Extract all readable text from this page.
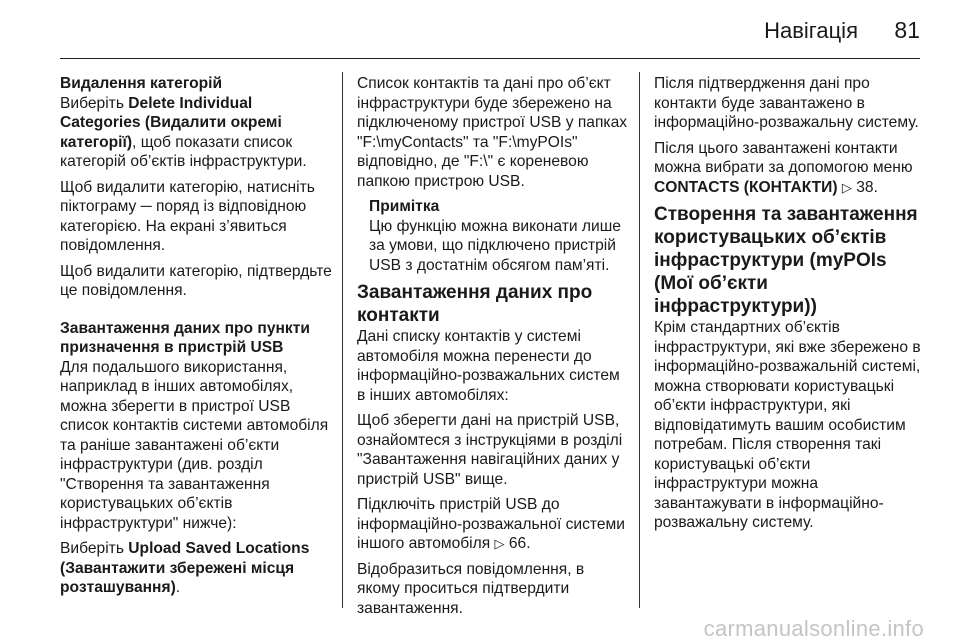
Навігація 81
Видалення категорій

Виберіть Delete Individual Categories (Видалити окремі категорії), щоб показати список категорій об’єктів інфраструктури.

Щоб видалити категорію, натисніть піктограму ─ поряд із відповідною категорією. На екрані з’явиться повідомлення.

Щоб видалити категорію, підтвердьте це повідомлення.

Завантаження даних про пункти призначення в пристрій USB

Для подальшого використання, наприклад в інших автомобілях, можна зберегти в пристрої USB список контактів системи автомобіля та раніше завантажені об’єкти інфраструктури (див. розділ "Створення та завантаження користувацьких об’єктів інфраструктури" нижче):

Виберіть Upload Saved Locations (Завантажити збережені місця розташування).

Список контактів та дані про об’єкт інфраструктури буде збережено на підключеному пристрої USB у папках "F:\myContacts" та "F:\myPOIs" відповідно, де "F:\" є кореневою папкою пристрою USB.

Примітка

Цю функцію можна виконати лише за умови, що підключено пристрій USB з достатнім обсягом пам’яті.

Завантаження даних про контакти

Дані списку контактів у системі автомобіля можна перенести до інформаційно-розважальних систем в інших автомобілях:

Щоб зберегти дані на пристрій USB, ознайомтеся з інструкціями в розділі "Завантаження навігаційних даних у пристрій USB" вище.

Підключіть пристрій USB до інформаційно-розважальної системи іншого автомобіля ▷ 66.

Відобразиться повідомлення, в якому проситься підтвердити завантаження.

Після підтвердження дані про контакти буде завантажено в інформаційно-розважальну систему.

Після цього завантажені контакти можна вибрати за допомогою меню CONTACTS (КОНТАКТИ) ▷ 38.

Створення та завантаження користувацьких об’єктів інфраструктури (myPOIs (Мої об’єкти інфраструктури))

Крім стандартних об’єктів інфраструктури, які вже збережено в інформаційно-розважальній системі, можна створювати користувацькі об’єкти інфраструктури, які відповідатимуть вашим особистим потребам. Після створення такі користувацькі об’єкти інфраструктури можна завантажувати в інформаційно-розважальну систему.

carmanualsonline.info
